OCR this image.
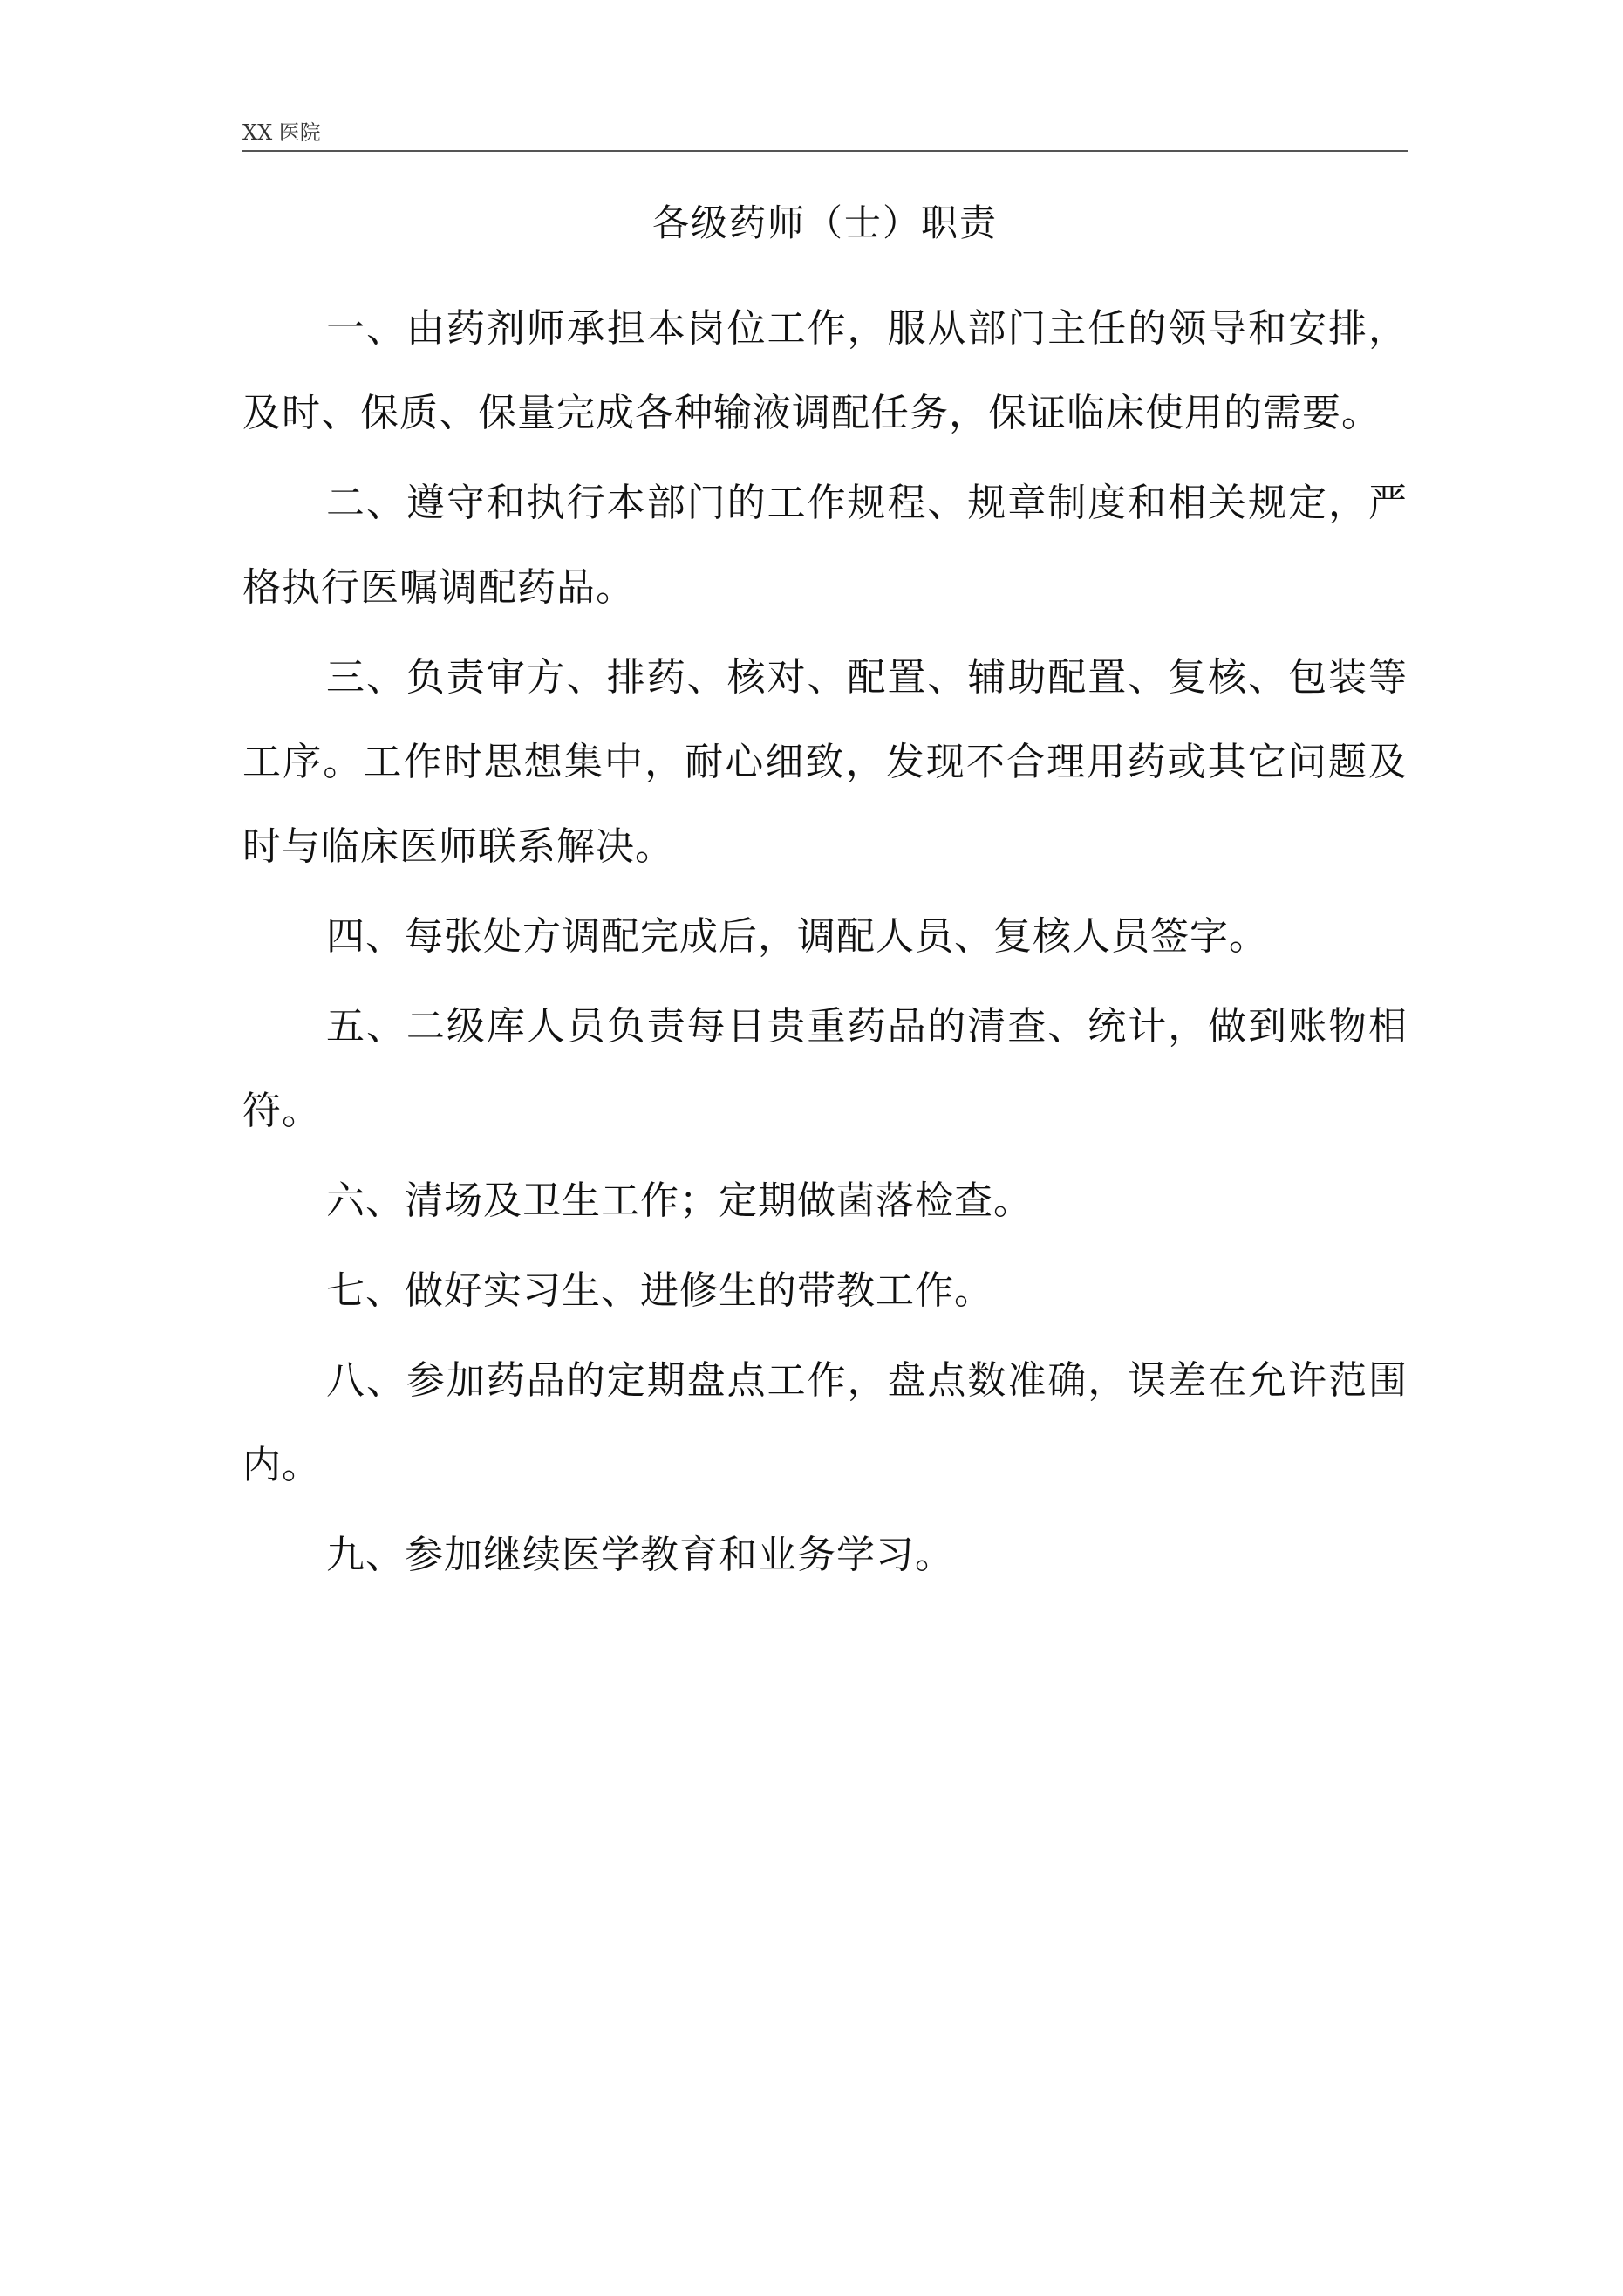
XX 医院
各级药师（士）职责

一、由药剂师承担本岗位工作，服从部门主任的领导和安排，及时、保质、保量完成各种输液调配任务，保证临床使用的需要。

二、遵守和执行本部门的工作规程、规章制度和相关规定，严格执行医嘱调配药品。

三、负责审方、排药、核对、配置、辅助配置、复核、包装等工序。工作时思想集中，耐心细致，发现不合理用药或其它问题及时与临床医师联系解决。

四、每张处方调配完成后，调配人员、复核人员签字。

五、二级库人员负责每日贵重药品的清查、统计，做到账物相符。

六、清场及卫生工作；定期做菌落检查。

七、做好实习生、进修生的带教工作。

八、参加药品的定期盘点工作，盘点数准确，误差在允许范围内。

九、参加继续医学教育和业务学习。
